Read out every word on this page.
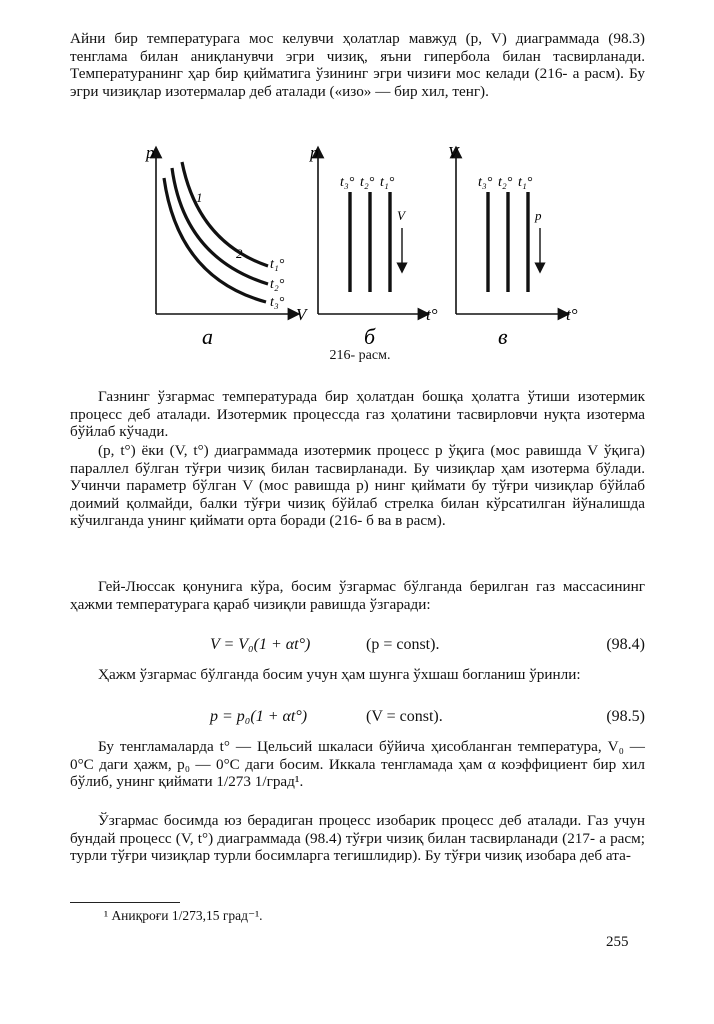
Айни бир температурага мос келувчи ҳолатлар мавжуд (p, V) диаграммада (98.3) тенглама билан аниқланувчи эгри чизиқ, яъни гипербола билан тасвирланади. Температуранинг ҳар бир қийматига ўзининг эгри чизиғи мос келади (216- а расм). Бу эгри чизиқлар изотермалар деб аталади («изо» — бир хил, тенг).

p
V
1
2
t₁°
t₂°
t₃°
а
p
t°
t₃° t₂° t₁°
V
б
V
t°
t₃° t₂° t₁°
p
в
216- расм.

Газнинг ўзгармас температурада бир ҳолатдан бошқа ҳолатга ўтиши изотермик процесс деб аталади. Изотермик процессда газ ҳолатини тасвирловчи нуқта изотерма бўйлаб кўчади.

(p, t°) ёки (V, t°) диаграммада изотермик процесс p ўқига (мос равишда V ўқига) параллел бўлган тўғри чизиқ билан тасвирланади. Бу чизиқлар ҳам изотерма бўлади. Учинчи параметр бўлган V (мос равишда p) нинг қиймати бу тўғри чизиқлар бўйлаб доимий қолмайди, балки тўғри чизиқ бўйлаб стрелка билан кўрсатилган йўналишда кўчилганда унинг қиймати орта боради (216- б ва в расм).

Гей-Люссак қонунига кўра, босим ўзгармас бўлганда берилган газ массасининг ҳажми температурага қараб чизиқли равишда ўзгаради:

V = V₀(1 + αt°)	(p = const).	(98.4)

Ҳажм ўзгармас бўлганда босим учун ҳам шунга ўхшаш богланиш ўринли:

p = p₀(1 + αt°)	(V = const).	(98.5)

Бу тенгламаларда t° — Цельсий шкаласи бўйича ҳисобланган температура, V₀ — 0°C даги ҳажм, p₀ — 0°C даги босим. Иккала тенгламада ҳам α коэффициент бир хил бўлиб, унинг қиймати 1/273 1/град¹.

Ўзгармас босимда юз берадиган процесс изобарик процесс деб аталади. Газ учун бундай процесс (V, t°) диаграммада (98.4) тўғри чизиқ билан тасвирланади (217- а расм; турли тўғри чизиқлар турли босимларга тегишлидир). Бу тўғри чизиқ изобара деб ата-

¹ Аниқроғи 1/273,15 град⁻¹.
255
